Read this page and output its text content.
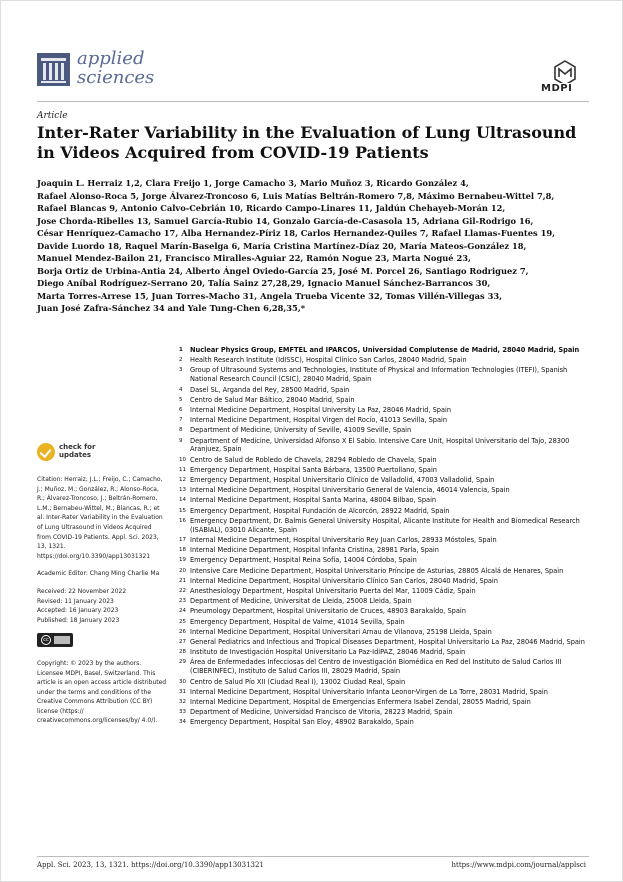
applied
sciences
MDPI
Article
Inter-Rater Variability in the Evaluation of Lung Ultrasound in Videos Acquired from COVID-19 Patients
Joaquin L. Herraiz 1,2, Clara Freijo 1, Jorge Camacho 3, Mario Muñoz 3, Ricardo González 4,
Rafael Alonso-Roca 5, Jorge Álvarez-Troncoso 6, Luis Matías Beltrán-Romero 7,8, Máximo Bernabeu-Wittel 7,8,
Rafael Blancas 9, Antonio Calvo-Cebrián 10, Ricardo Campo-Linares 11, Jaldún Chehayeb-Morán 12,
Jose Chorda-Ribelles 13, Samuel García-Rubio 14, Gonzalo García-de-Casasola 15, Adriana Gil-Rodrigo 16,
César Henríquez-Camacho 17, Alba Hernandez-Píriz 18, Carlos Hernandez-Quiles 7, Rafael Llamas-Fuentes 19,
Davide Luordo 18, Raquel Marín-Baselga 6, María Cristina Martínez-Díaz 20, María Mateos-González 18,
Manuel Mendez-Bailon 21, Francisco Miralles-Aguiar 22, Ramón Nogue 23, Marta Nogué 23,
Borja Ortiz de Urbina-Antia 24, Alberto Ángel Oviedo-García 25, José M. Porcel 26, Santiago Rodriguez 7,
Diego Aníbal Rodríguez-Serrano 20, Talía Sainz 27,28,29, Ignacio Manuel Sánchez-Barrancos 30,
Marta Torres-Arrese 15, Juan Torres-Macho 31, Angela Trueba Vicente 32, Tomas Villén-Villegas 33,
Juan José Zafra-Sánchez 34 and Yale Tung-Chen 6,28,35,*
check for
updates
Citation: Herraiz, J.L.; Freijo, C.; Camacho, J.; Muñoz, M.; González, R.; Alonso-Roca, R.; Álvarez-Troncoso, J.; Beltrán-Romero, L.M.; Bernabeu-Wittel, M.; Blancas, R.; et al. Inter-Rater Variability in the Evaluation of Lung Ultrasound in Videos Acquired from COVID-19 Patients. Appl. Sci. 2023, 13, 1321. https://doi.org/10.3390/app13031321
Academic Editor: Chang Ming Charlie Ma
Received: 22 November 2022
Revised: 11 January 2023
Accepted: 16 January 2023
Published: 18 January 2023
cc
Copyright: © 2023 by the authors. Licensee MDPI, Basel, Switzerland. This article is an open access article distributed under the terms and conditions of the Creative Commons Attribution (CC BY) license (https:// creativecommons.org/licenses/by/ 4.0/).
1 Nuclear Physics Group, EMFTEL and IPARCOS, Universidad Complutense de Madrid, 28040 Madrid, Spain
2 Health Research Institute (IdISSC), Hospital Clínico San Carlos, 28040 Madrid, Spain
3 Group of Ultrasound Systems and Technologies, Institute of Physical and Information Technologies (ITEFI), Spanish National Research Council (CSIC), 28040 Madrid, Spain
4 Dasel SL, Arganda del Rey, 28500 Madrid, Spain
5 Centro de Salud Mar Báltico, 28040 Madrid, Spain
6 Internal Medicine Department, Hospital University La Paz, 28046 Madrid, Spain
7 Internal Medicine Department, Hospital Virgen del Rocío, 41013 Sevilla, Spain
8 Department of Medicine, University of Seville, 41009 Seville, Spain
9 Department of Medicine, Universidad Alfonso X El Sabio. Intensive Care Unit, Hospital Universitario del Tajo, 28300 Aranjuez, Spain
10 Centro de Salud de Robledo de Chavela, 28294 Robledo de Chavela, Spain
11 Emergency Department, Hospital Santa Bárbara, 13500 Puertollano, Spain
12 Emergency Department, Hospital Universitario Clínico de Valladolid, 47003 Valladolid, Spain
13 Internal Medicine Department, Hospital Universitario General de Valencia, 46014 Valencia, Spain
14 Internal Medicine Department, Hospital Santa Marina, 48004 Bilbao, Spain
15 Emergency Department, Hospital Fundación de Alcorcón, 28922 Madrid, Spain
16 Emergency Department, Dr. Balmis General University Hospital, Alicante Institute for Health and Biomedical Research (ISABIAL), 03010 Alicante, Spain
17 Internal Medicine Department, Hospital Universitario Rey Juan Carlos, 28933 Móstoles, Spain
18 Internal Medicine Department, Hospital Infanta Cristina, 28981 Parla, Spain
19 Emergency Department, Hospital Reina Sofía, 14004 Córdoba, Spain
20 Intensive Care Medicine Department, Hospital Universitario Príncipe de Asturias, 28805 Alcalá de Henares, Spain
21 Internal Medicine Department, Hospital Universitario Clínico San Carlos, 28040 Madrid, Spain
22 Anesthesiology Department, Hospital Universitario Puerta del Mar, 11009 Cádiz, Spain
23 Department of Medicine, Universitat de Lleida, 25008 Lleida, Spain
24 Pneumology Department, Hospital Universitario de Cruces, 48903 Barakaldo, Spain
25 Emergency Department, Hospital de Valme, 41014 Sevilla, Spain
26 Internal Medicine Department, Hospital Universitari Arnau de Vilanova, 25198 Lleida, Spain
27 General Pediatrics and Infectious and Tropical Diseases Department, Hospital Universitario La Paz, 28046 Madrid, Spain
28 Instituto de Investigación Hospital Universitario La Paz-IdiPAZ, 28046 Madrid, Spain
29 Área de Enfermedades Infecciosas del Centro de Investigación Biomédica en Red del Instituto de Salud Carlos III (CIBERINFEC), Instituto de Salud Carlos III, 28029 Madrid, Spain
30 Centro de Salud Pío XII (Ciudad Real I), 13002 Ciudad Real, Spain
31 Internal Medicine Department, Hospital Universitario Infanta Leonor-Virgen de La Torre, 28031 Madrid, Spain
32 Internal Medicine Department, Hospital de Emergencias Enfermera Isabel Zendal, 28055 Madrid, Spain
33 Department of Medicine, Universidad Francisco de Vitoria, 28223 Madrid, Spain
34 Emergency Department, Hospital San Eloy, 48902 Barakaldo, Spain
Appl. Sci. 2023, 13, 1321. https://doi.org/10.3390/app13031321	https://www.mdpi.com/journal/applsci
